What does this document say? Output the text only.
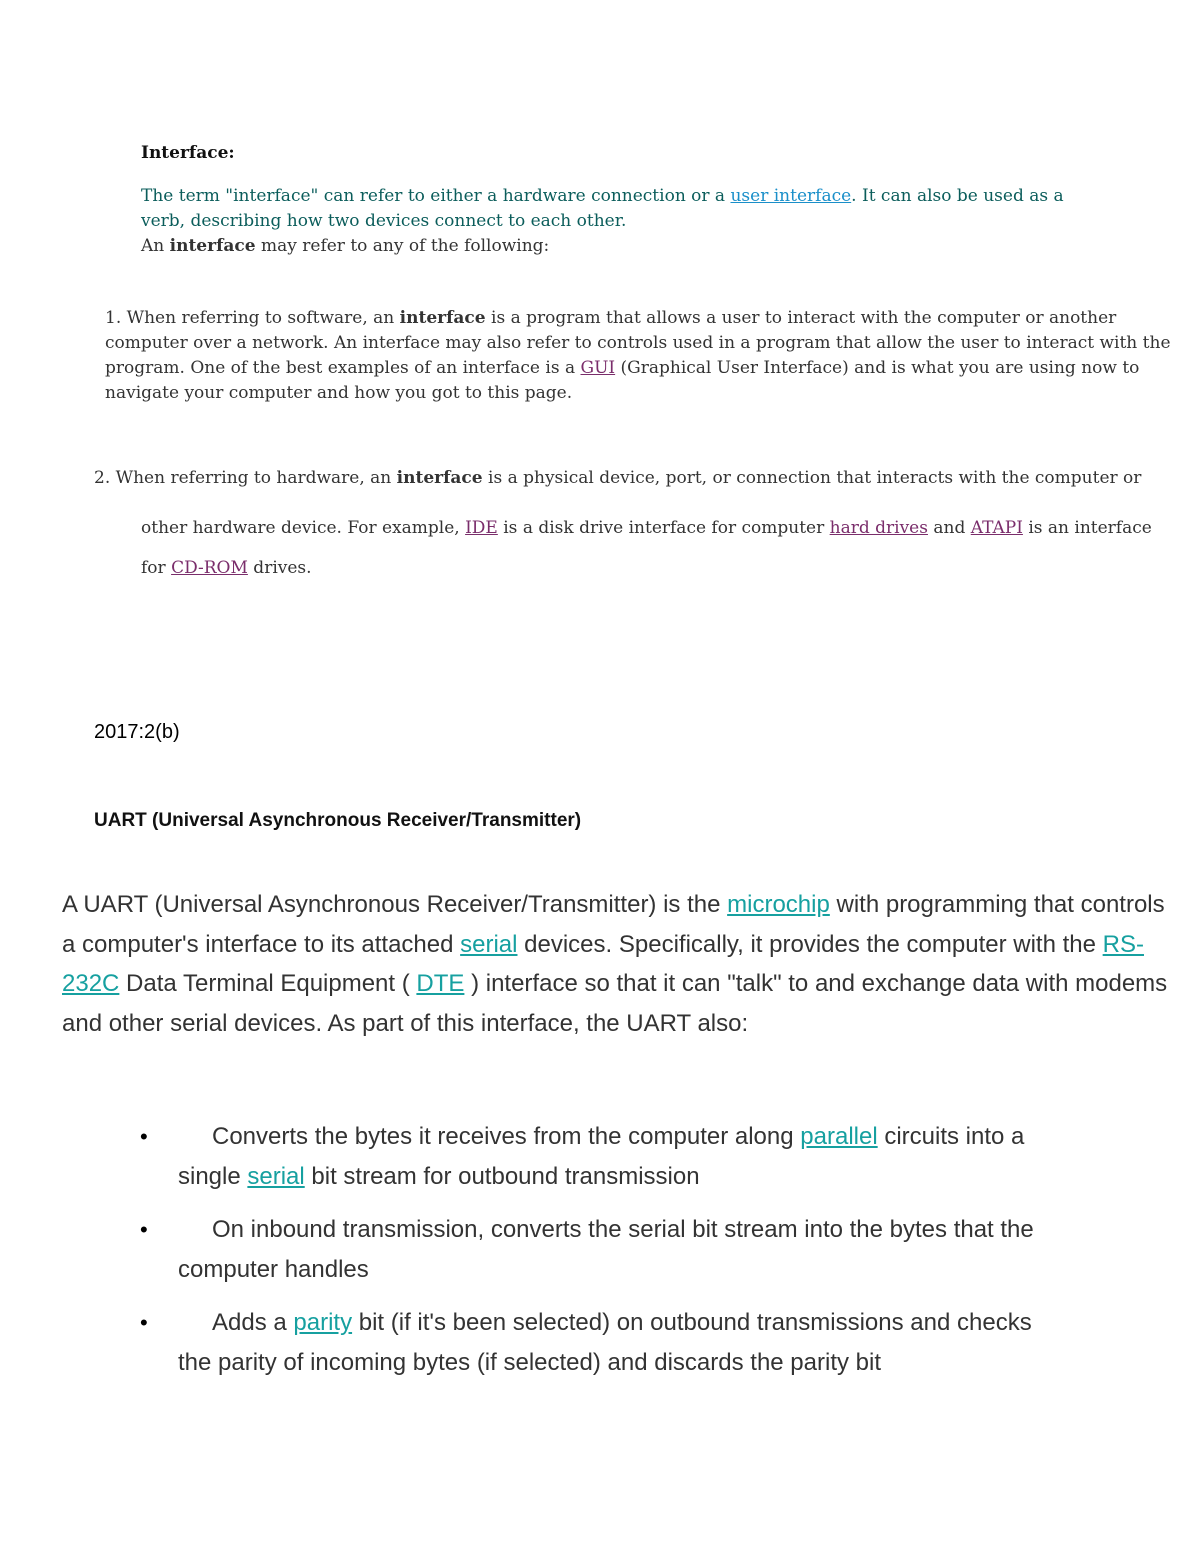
Interface:
The term "interface" can refer to either a hardware connection or a user interface. It can also be used as a verb, describing how two devices connect to each other.
An interface may refer to any of the following:
1. When referring to software, an interface is a program that allows a user to interact with the computer or another computer over a network. An interface may also refer to controls used in a program that allow the user to interact with the program. One of the best examples of an interface is a GUI (Graphical User Interface) and is what you are using now to navigate your computer and how you got to this page.
2. When referring to hardware, an interface is a physical device, port, or connection that interacts with the computer or
other hardware device. For example, IDE is a disk drive interface for computer hard drives and ATAPI is an interface for CD-ROM drives.
2017:2(b)
UART (Universal Asynchronous Receiver/Transmitter)
A UART (Universal Asynchronous Receiver/Transmitter) is the microchip with programming that controls a computer's interface to its attached serial devices. Specifically, it provides the computer with the RS-232C Data Terminal Equipment ( DTE ) interface so that it can "talk" to and exchange data with modems and other serial devices. As part of this interface, the UART also:
•	Converts the bytes it receives from the computer along parallel circuits into a single serial bit stream for outbound transmission
•	On inbound transmission, converts the serial bit stream into the bytes that the computer handles
•	Adds a parity bit (if it's been selected) on outbound transmissions and checks the parity of incoming bytes (if selected) and discards the parity bit
